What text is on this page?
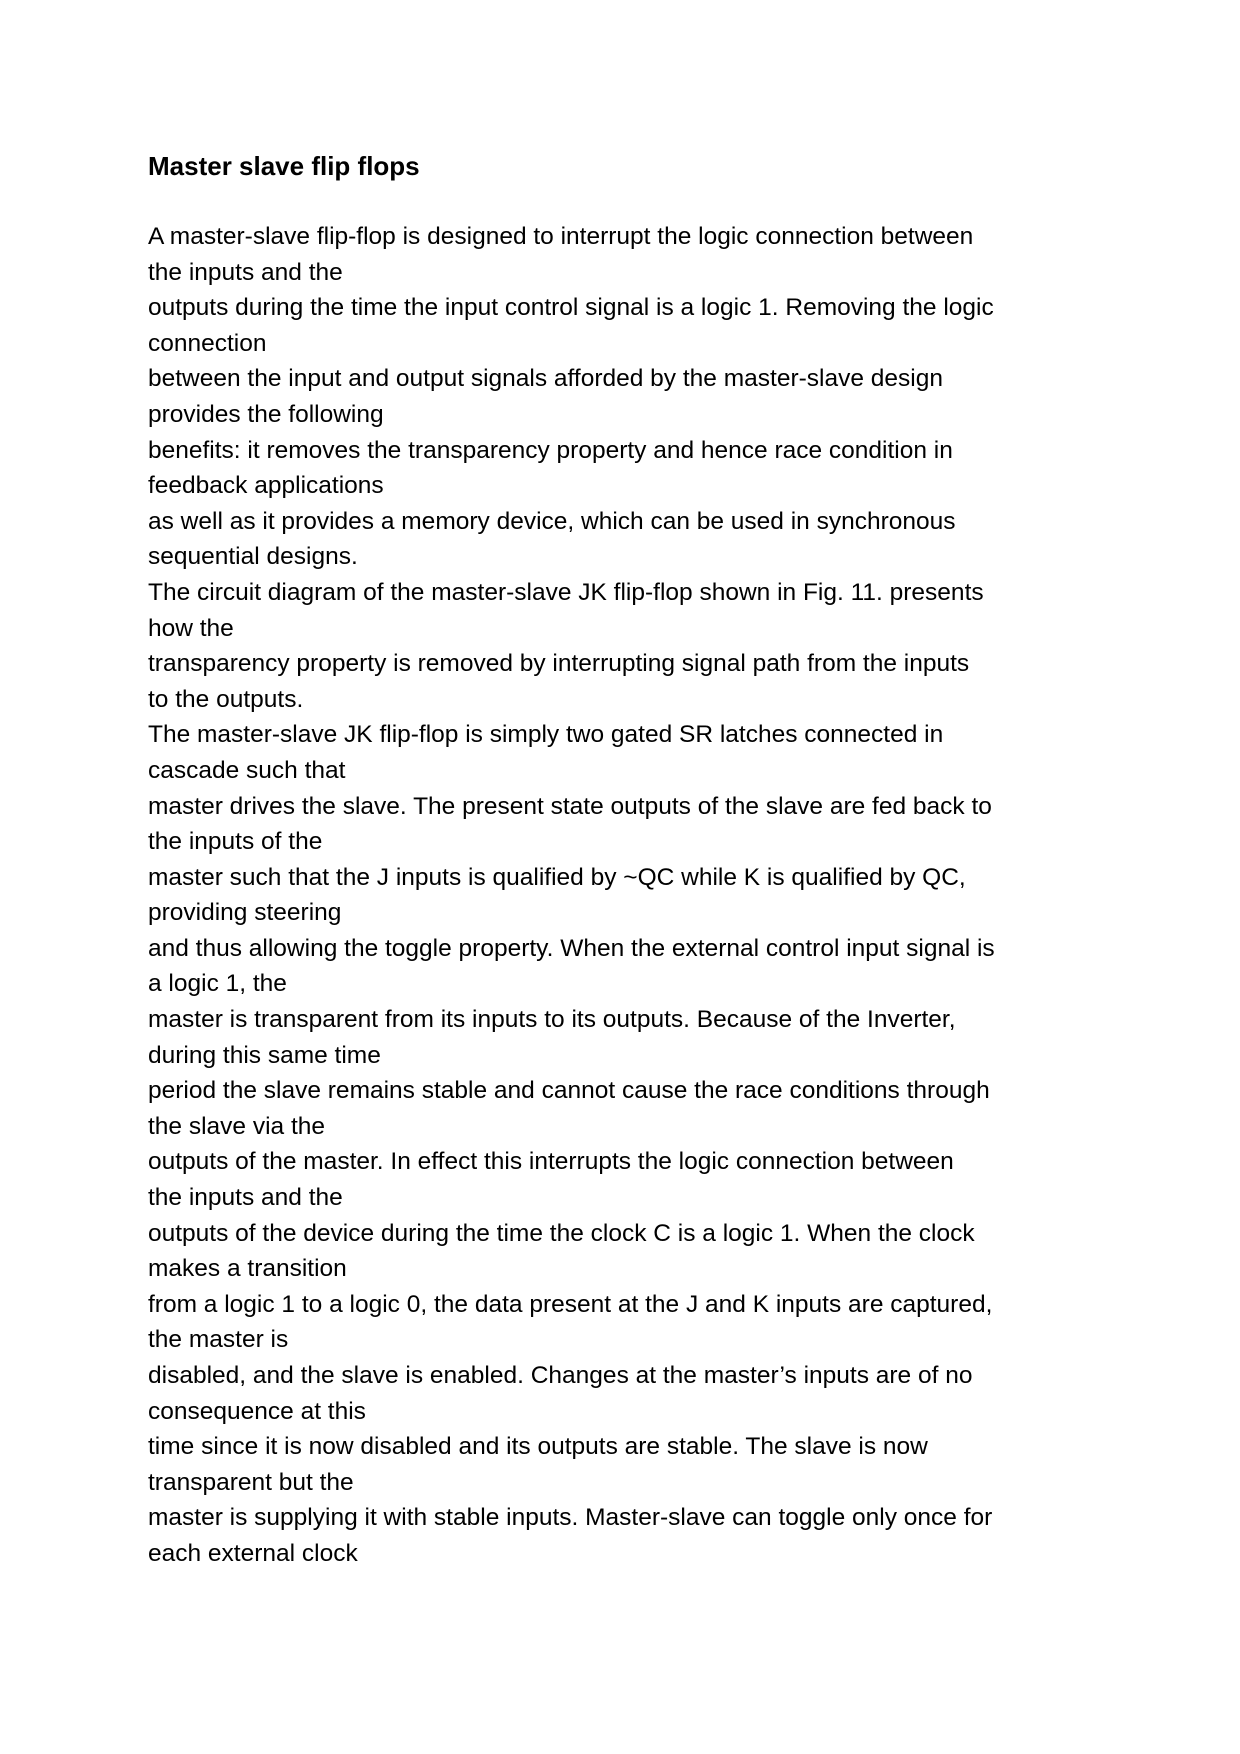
Master slave flip flops
A master-slave flip-flop is designed to interrupt the logic connection between
the inputs and the
outputs during the time the input control signal is a logic 1. Removing the logic
connection
between the input and output signals afforded by the master-slave design
provides the following
benefits: it removes the transparency property and hence race condition in
feedback applications
as well as it provides a memory device, which can be used in synchronous
sequential designs.
The circuit diagram of the master-slave JK flip-flop shown in Fig. 11. presents
how the
transparency property is removed by interrupting signal path from the inputs
to the outputs.
The master-slave JK flip-flop is simply two gated SR latches connected in
cascade such that
master drives the slave. The present state outputs of the slave are fed back to
the inputs of the
master such that the J inputs is qualified by ~QC while K is qualified by QC,
providing steering
and thus allowing the toggle property. When the external control input signal is
a logic 1, the
master is transparent from its inputs to its outputs. Because of the Inverter,
during this same time
period the slave remains stable and cannot cause the race conditions through
the slave via the
outputs of the master. In effect this interrupts the logic connection between
the inputs and the
outputs of the device during the time the clock C is a logic 1. When the clock
makes a transition
from a logic 1 to a logic 0, the data present at the J and K inputs are captured,
the master is
disabled, and the slave is enabled. Changes at the master’s inputs are of no
consequence at this
time since it is now disabled and its outputs are stable. The slave is now
transparent but the
master is supplying it with stable inputs. Master-slave can toggle only once for
each external clock
